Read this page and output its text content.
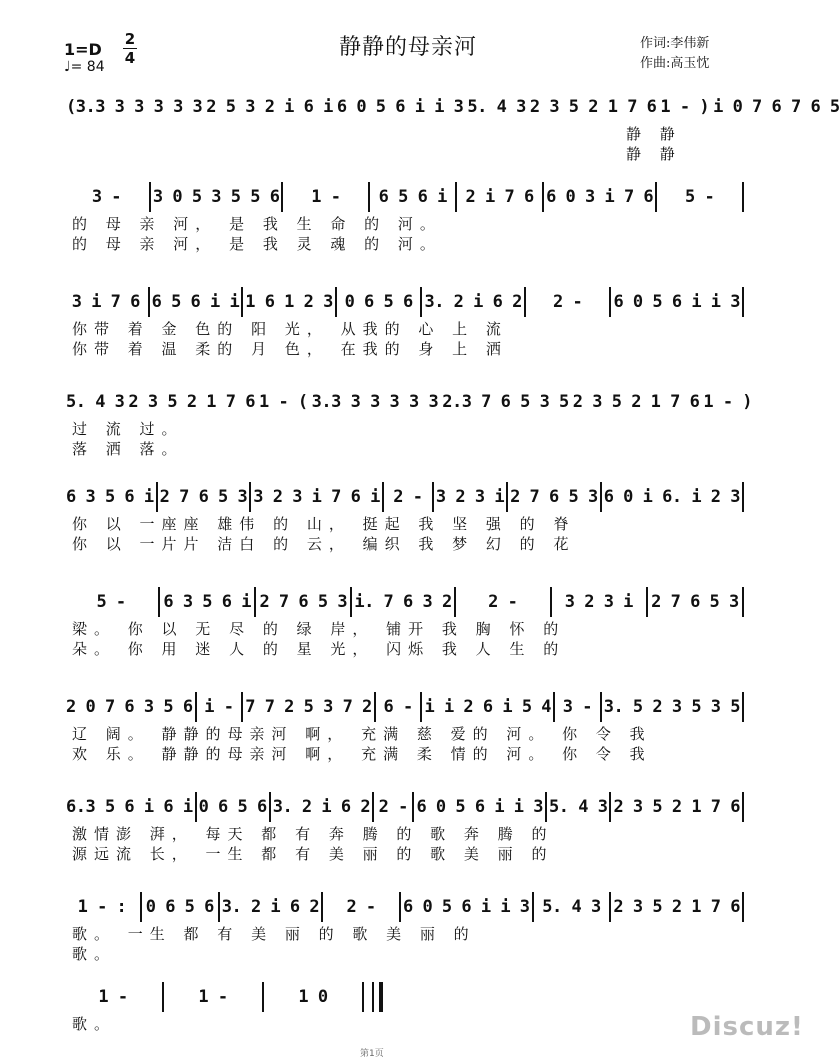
静静的母亲河
1=D
♩= 84
2
4
作词:李伟新
作曲:高玉忱
(3.3 3 3 3 3 3 2 5 3 2 i 6 i 6 0 5 6 i i 3 5. 4 3 2 3 5 2 1 7 6 1 - ) i 0 7 6 7 6 5
静 静
静 静
3 -	3 0 5 3 5 5 6	1 -	6 5 6 i	2 i 7 6 6 0 3 i 7 6	5 -
的 母 亲 河， 是 我 生 命 的 河。
的 母 亲 河， 是 我 灵 魂 的 河。
3 i 7 6 6 5 6 i i 1 6 1 2 3 0 6 5 6 3. 2 i 6 2	2 -	6 0 5 6 i i 3
你带 着 金 色的 阳 光， 从我的 心 上 流
你带 着 温 柔的 月 色， 在我的 身 上 洒
5. 4 3 2 3 5 2 1 7 6 1 - ( 3.3 3 3 3 3 3 2.3 7 6 5 3 5 2 3 5 2 1 7 6 1 - )
过 流 过。
落 洒 落。
6 3 5 6 i 2 7 6 5 3 3 2 3 i 7 6 i 2 - 3 2 3 i 2 7 6 5 3 6 0 i 6. i 2 3
你 以 一座座 雄伟 的 山， 挺起 我 坚 强 的 脊
你 以 一片片 洁白 的 云， 编织 我 梦 幻 的 花
5 -	6 3 5 6 i 2 7 6 5 3 i. 7 6 3 2	2 -	3 2 3 i	2 7 6 5 3
梁。 你 以 无 尽 的 绿 岸， 铺开 我 胸 怀 的
朵。 你 用 迷 人 的 星 光， 闪烁 我 人 生 的
2 0 7 6 3 5 6 i - 7 7 2 5 3 7 2 6 - i i 2 6 i 5 4 3 - 3. 5 2 3 5 3 5
辽 阔。 静静的母亲河 啊， 充满 慈 爱的 河。 你 令 我
欢 乐。 静静的母亲河 啊， 充满 柔 情的 河。 你 令 我
6.3 5 6 i 6 i 0 6 5 6 3. 2 i 6 2 2 - 6 0 5 6 i i 3 5. 4 3 2 3 5 2 1 7 6
激情澎 湃， 每天 都 有 奔 腾 的 歌 奔 腾 的
源远流 长， 一生 都 有 美 丽 的 歌 美 丽 的
1 - :	0 6 5 6 3. 2 i 6 2	2 -	6 0 5 6 i i 3 5. 4 3 2 3 5 2 1 7 6
歌。 一生 都 有 美 丽 的 歌 美 丽 的
歌。
1 -	1 -	1 0
歌。
第1页
Discuz!
